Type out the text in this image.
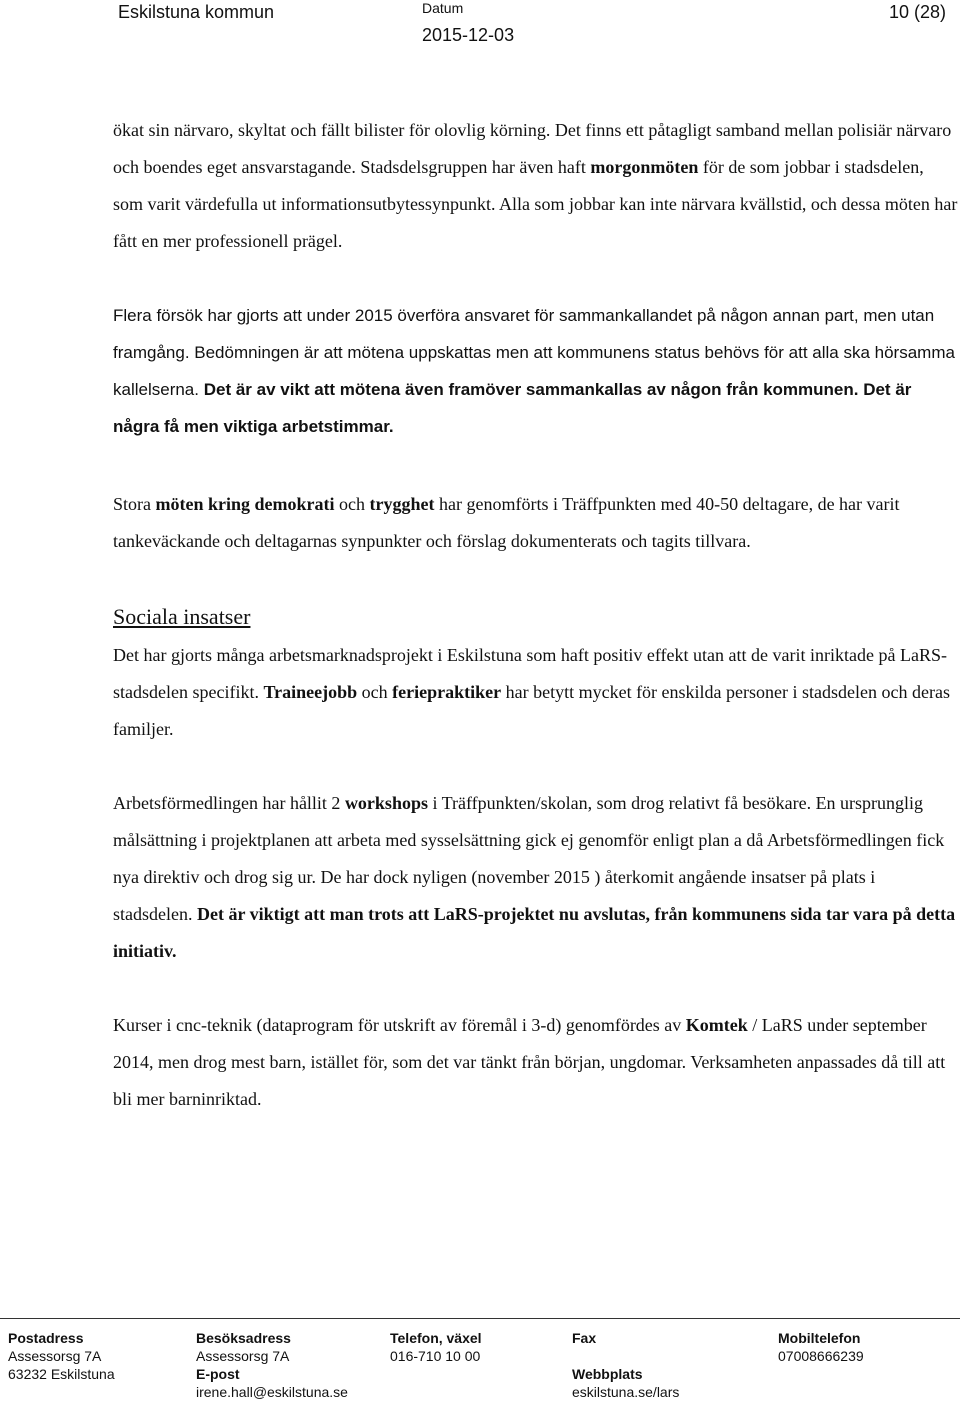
Eskilstuna kommun	Datum
2015-12-03
10 (28)

ökat sin närvaro, skyltat och fällt bilister för olovlig körning. Det finns ett påtagligt samband mellan polisiär närvaro och boendes eget ansvarstagande. Stadsdelsgruppen har även haft morgonmöten för de som jobbar i stadsdelen, som varit värdefulla ut informationsutbytessynpunkt. Alla som jobbar kan inte närvara kvällstid, och dessa möten har fått en mer professionell prägel.

Flera försök har gjorts att under 2015 överföra ansvaret för sammankallandet på någon annan part, men utan framgång. Bedömningen är att mötena uppskattas men att kommunens status behövs för att alla ska hörsamma kallelserna. Det är av vikt att mötena även framöver sammankallas av någon från kommunen. Det är några få men viktiga arbetstimmar.

Stora möten kring demokrati och trygghet har genomförts i Träffpunkten med 40-50 deltagare, de har varit tankeväckande och deltagarnas synpunkter och förslag dokumenterats och tagits tillvara.

Sociala insatser

Det har gjorts många arbetsmarknadsprojekt i Eskilstuna som haft positiv effekt utan att de varit inriktade på LaRS-stadsdelen specifikt. Traineejobb och feriepraktiker har betytt mycket för enskilda personer i stadsdelen och deras familjer.

Arbetsförmedlingen har hållit 2 workshops i Träffpunkten/skolan, som drog relativt få besökare. En ursprunglig målsättning i projektplanen att arbeta med sysselsättning gick ej genomför enligt plan a då Arbetsförmedlingen fick nya direktiv och drog sig ur. De har dock nyligen (november 2015 ) återkomit angående insatser på plats i stadsdelen. Det är viktigt att man trots att LaRS-projektet nu avslutas, från kommunens sida tar vara på detta initiativ.

Kurser i cnc-teknik (dataprogram för utskrift av föremål i 3-d) genomfördes av Komtek / LaRS under september 2014, men drog mest barn, istället för, som det var tänkt från början, ungdomar. Verksamheten anpassades då till att bli mer barninriktad.

Postadress
Assessorsg 7A
63232 Eskilstuna
Besöksadress
Assessorsg 7A
E-post
irene.hall@eskilstuna.se
Telefon, växel
016-710 10 00
Fax

Webbplats
eskilstuna.se/lars
Mobiltelefon
07008666239
